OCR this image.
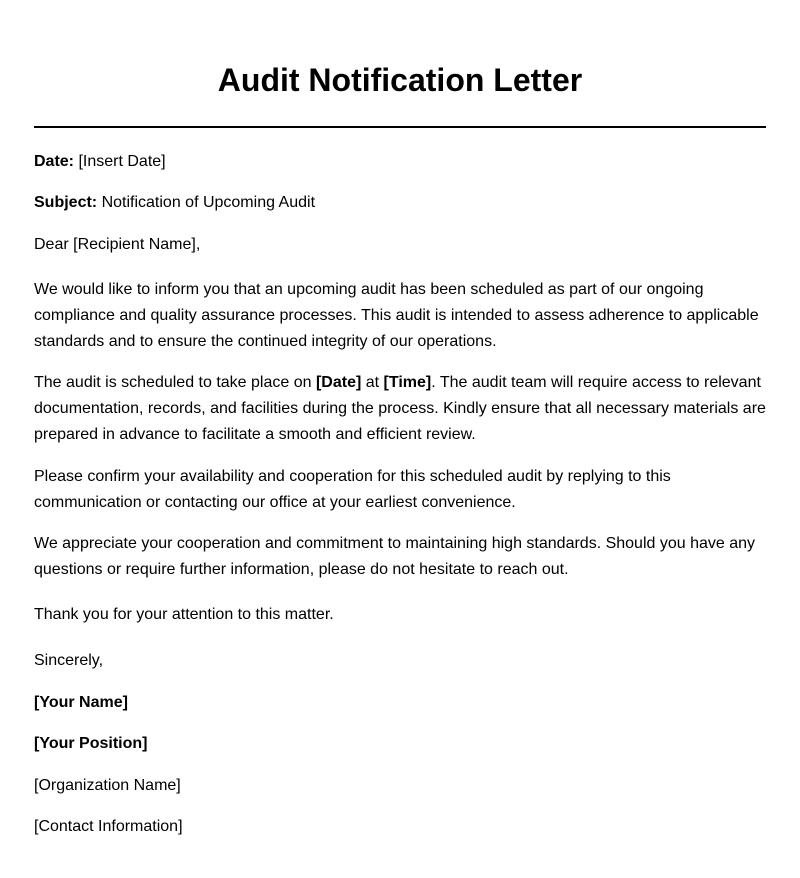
Audit Notification Letter

Date: [Insert Date]

Subject: Notification of Upcoming Audit

Dear [Recipient Name],

We would like to inform you that an upcoming audit has been scheduled as part of our ongoing compliance and quality assurance processes. This audit is intended to assess adherence to applicable standards and to ensure the continued integrity of our operations.

The audit is scheduled to take place on [Date] at [Time]. The audit team will require access to relevant documentation, records, and facilities during the process. Kindly ensure that all necessary materials are prepared in advance to facilitate a smooth and efficient review.

Please confirm your availability and cooperation for this scheduled audit by replying to this communication or contacting our office at your earliest convenience.

We appreciate your cooperation and commitment to maintaining high standards. Should you have any questions or require further information, please do not hesitate to reach out.

Thank you for your attention to this matter.

Sincerely,

[Your Name]

[Your Position]

[Organization Name]

[Contact Information]
